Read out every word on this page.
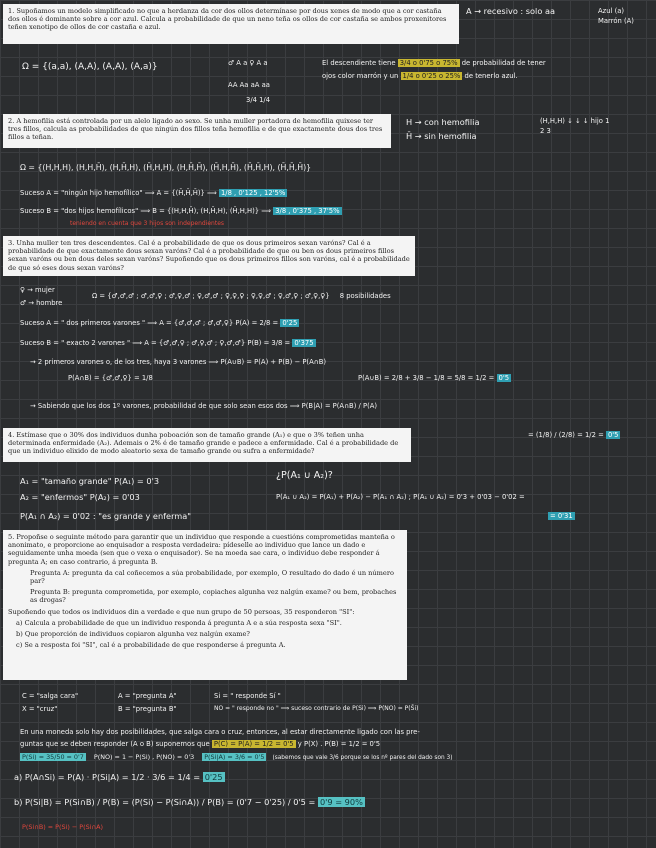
1. Supoñamos un modelo simplificado no que a herdanza da cor dos ollos determínase por dous xenes de modo que a cor castaña dos ollos é dominante sobre a cor azul. Calcula a probabilidade de que un neno teña os ollos de cor castaña se ambos proxenitores teñen xenotipo de ollos de cor castaña e azul.

A → recesivo : solo aa	Azul (a) Marrón (A)
Ω = {(a,a), (A,A), (A,A), (A,a)}	♂ A a ♀ A a
AA Aa aA aa
3/4 1/4
El descendiente tiene 3/4 o 0'75 o 75% de probabilidad de tener
ojos color marrón y un 1/4 o 0'25 o 25% de tenerlo azul.

2. A hemofilia está controlada por un alelo ligado ao sexo. Se unha muller portadora de hemofilia quixese ter tres fillos, calcula as probabilidades de que ningún dos fillos teña hemofilia e de que exactamente dous dos tres fillos a teñan.

H → con hemofilia
H̄ → sin hemofilia
(H,H,H) ↓ ↓ ↓ hijo 1 2 3
Ω = {(H,H,H), (H,H,H̄), (H,H̄,H), (H̄,H,H), (H,H̄,H̄), (H̄,H,H̄), (H̄,H̄,H), (H̄,H̄,H̄)}
Suceso A = "ningún hijo hemofílico" ⟹ A = {(H̄,H̄,H̄)} ⟹ 1/8 , 0'125 , 12'5%
Suceso B = "dos hijos hemofílicos" ⟹ B = {(H,H,H̄), (H,H̄,H), (H̄,H,H)} ⟹ 3/8 , 0'375 , 37'5%
teniendo en cuenta que 3 hijos son independientes

3. Unha muller ten tres descendentes. Cal é a probabilidade de que os dous primeiros sexan varóns? Cal é a probabilidade de que exactamente dous sexan varóns? Cal é a probabilidade de que ou ben os dous primeiros fillos sexan varóns ou ben dous deles sexan varóns? Supoñendo que os dous primeiros fillos son varóns, cal é a probabilidade de que só eses dous sexan varóns?

♀ → mujer
♂ → hombre
Ω = {♂,♂,♂ ; ♂,♂,♀ ; ♂,♀,♂ ; ♀,♂,♂ ; ♀,♀,♀ ; ♀,♀,♂ ; ♀,♂,♀ ; ♂,♀,♀} 8 posibilidades
Suceso A = " dos primeros varones " ⟹ A = {♂,♂,♂ ; ♂,♂,♀} P(A) = 2/8 = 0'25
Suceso B = " exacto 2 varones " ⟹ A = {♂,♂,♀ ; ♂,♀,♂ ; ♀,♂,♂} P(B) = 3/8 = 0'375
→ 2 primeros varones o, de los tres, haya 3 varones ⟹ P(A∪B) = P(A) + P(B) − P(A∩B)
P(A∩B) = {♂,♂,♀} = 1/8	P(A∪B) = 2/8 + 3/8 − 1/8 = 5/8 = 1/2 = 0'5
→ Sabiendo que los dos 1º varones, probabilidad de que solo sean esos dos ⟹ P(B|A) = P(A∩B) / P(A)
= (1/8) / (2/8) = 1/2 = 0'5

4. Estímase que o 30% dos individuos dunha poboación son de tamaño grande (A₁) e que o 3% teñen unha determinada enfermidade (A₂). Ademais o 2% é de tamaño grande e padece a enfermidade. Cal é a probabilidade de que un individuo elixido de modo aleatorio sexa de tamaño grande ou sufra a enfermidade?

A₁ = "tamaño grande" P(A₁) = 0'3
A₂ = "enfermos" P(A₂) = 0'03
P(A₁ ∩ A₂) = 0'02 : "es grande y enferma"
¿P(A₁ ∪ A₂)?
P(A₁ ∪ A₂) = P(A₁) + P(A₂) − P(A₁ ∩ A₂) ; P(A₁ ∪ A₂) = 0'3 + 0'03 − 0'02 =
= 0'31

5. Propoñse o seguinte método para garantir que un individuo que responde a cuestións comprometidas manteña o anonimato, e proporcione ao enquisador a resposta verdadeira: pídeselle ao individuo que lance un dado e seguidamente unha moeda (sen que o vexa o enquisador). Se na moeda sae cara, o individuo debe responder á pregunta A; en caso contrario, á pregunta B.

Pregunta A: pregunta da cal coñecemos a súa probabilidade, por exemplo, O resultado do dado é un número par?

Pregunta B: pregunta comprometida, por exemplo, copiaches algunha vez nalgún exame? ou bem, probaches as drogas?

Supoñendo que todos os individuos din a verdade e que nun grupo de 50 persoas, 35 responderon "SI":

a) Calcula a probabilidade de que un individuo responda á pregunta A e a súa resposta sexa "SI".

b) Que proporción de individuos copiaron algunha vez nalgún exame?

c) Se a resposta foi "SI", cal é a probabilidade de que responderse á pregunta A.

C = "salga cara"	A = "pregunta A"	Si = " responde Sí "
X = "cruz"	B = "pregunta B"	NO = " responde no " ⟹ suceso contrario de P(Si) ⟹ P(NO) = P(S̄i)
En una moneda solo hay dos posibilidades, que salga cara o cruz, entonces, al estar directamente ligado con las pre-
guntas que se deben responder (A o B) suponemos que P(C) = P(A) = 1/2 = 0'5 y P(X) . P(B) = 1/2 = 0'5
P(Si) = 35/50 = 0'7 P(NO) = 1 − P(Si) , P(NO) = 0'3 P(Si|A) = 3/6 = 0'5 (sabemos que vale 3/6 porque se los nº pares del dado son 3)
a) P(A∩Si) = P(A) · P(Si|A) = 1/2 · 3/6 = 1/4 = 0'25
b) P(Si|B) = P(Si∩B) / P(B) = (P(Si) − P(Si∩A)) / P(B) = (0'7 − 0'25) / 0'5 = 0'9 = 90%
P(Si∩B) = P(Si) − P(Si∩A)
